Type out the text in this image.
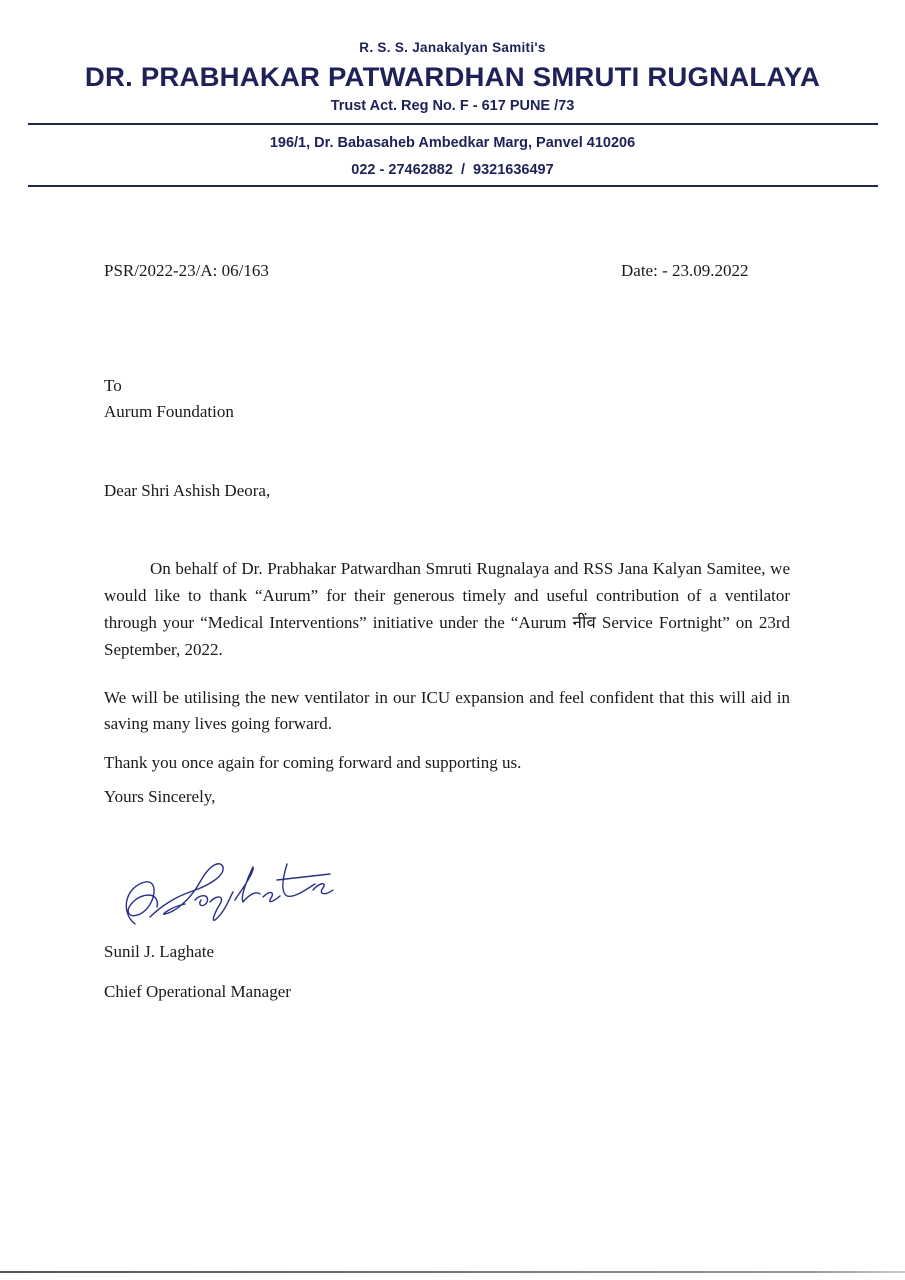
R. S. S. Janakalyan Samiti's
DR. PRABHAKAR PATWARDHAN SMRUTI RUGNALAYA
Trust Act. Reg No. F - 617 PUNE /73
196/1, Dr. Babasaheb Ambedkar Marg, Panvel 410206
022 - 27462882  /  9321636497
PSR/2022-23/A: 06/163	Date: - 23.09.2022
To
Aurum Foundation
Dear Shri Ashish Deora,
On behalf of Dr. Prabhakar Patwardhan Smruti Rugnalaya and RSS Jana Kalyan Samitee, we would like to thank “Aurum” for their generous timely and useful contribution of a ventilator through your “Medical Interventions” initiative under the “Aurum नींव Service Fortnight” on 23rd September, 2022.
We will be utilising the new ventilator in our ICU expansion and feel confident that this will aid in saving many lives going forward.
Thank you once again for coming forward and supporting us.
Yours Sincerely,
Sunil J. Laghate
Chief Operational Manager
